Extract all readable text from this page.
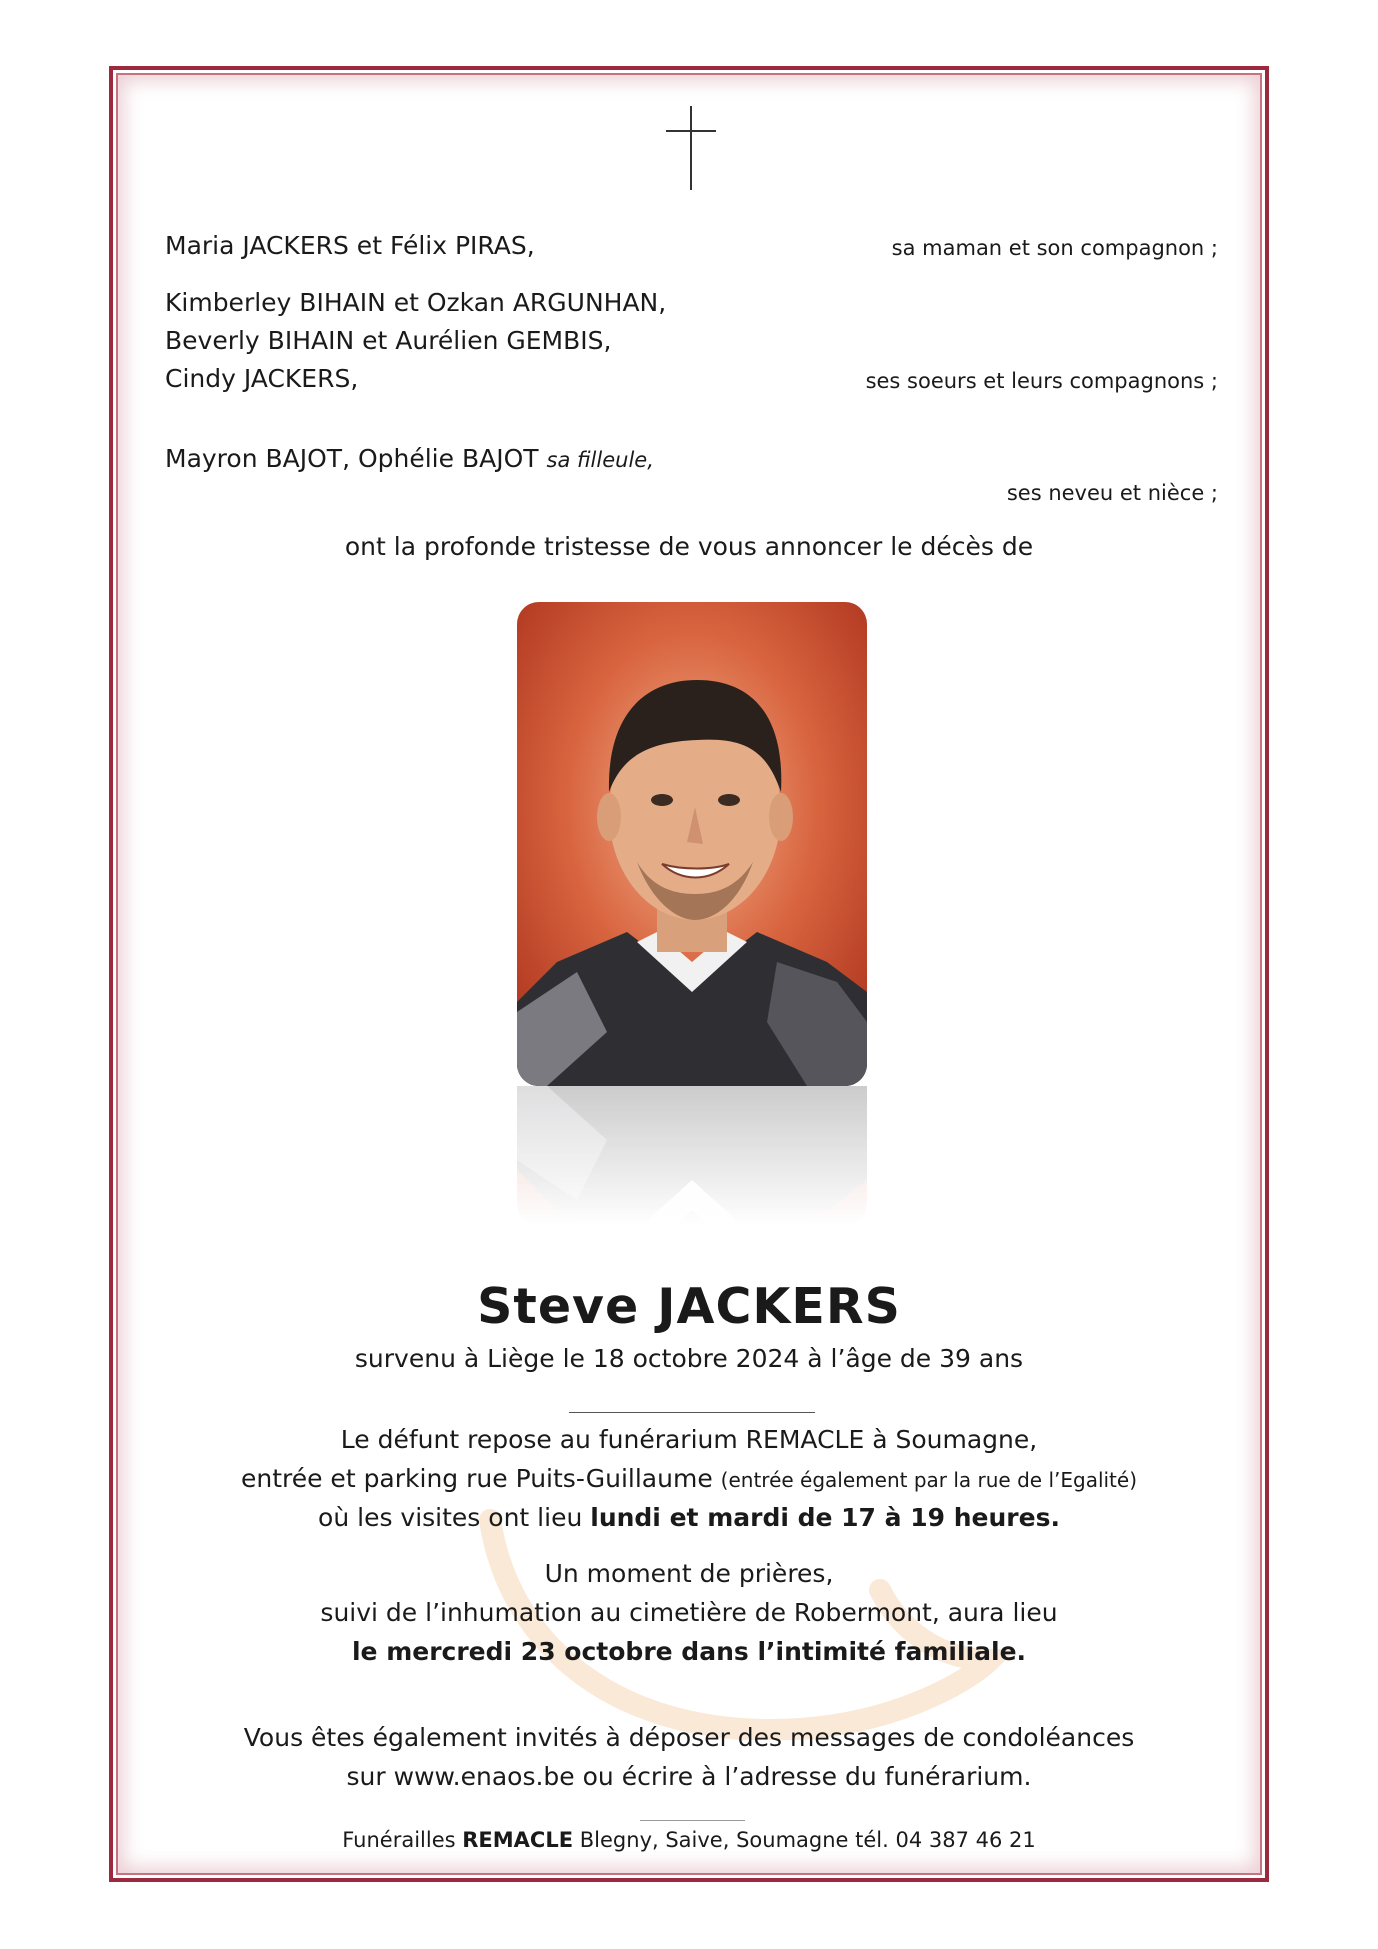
Maria JACKERS et Félix PIRAS,	sa maman et son compagnon ;
Kimberley BIHAIN et Ozkan ARGUNHAN,
Beverly BIHAIN et Aurélien GEMBIS,
Cindy JACKERS,	ses soeurs et leurs compagnons ;
Mayron BAJOT, Ophélie BAJOT sa filleule,
ses neveu et nièce ;
ont la profonde tristesse de vous annoncer le décès de
Steve JACKERS
survenu à Liège le 18 octobre 2024 à l’âge de 39 ans
Le défunt repose au funérarium REMACLE à Soumagne,
entrée et parking rue Puits-Guillaume (entrée également par la rue de l’Egalité)
où les visites ont lieu lundi et mardi de 17 à 19 heures.
Un moment de prières,
suivi de l’inhumation au cimetière de Robermont, aura lieu
le mercredi 23 octobre dans l’intimité familiale.
Vous êtes également invités à déposer des messages de condoléances
sur www.enaos.be ou écrire à l’adresse du funérarium.
Funérailles REMACLE Blegny, Saive, Soumagne tél. 04 387 46 21
